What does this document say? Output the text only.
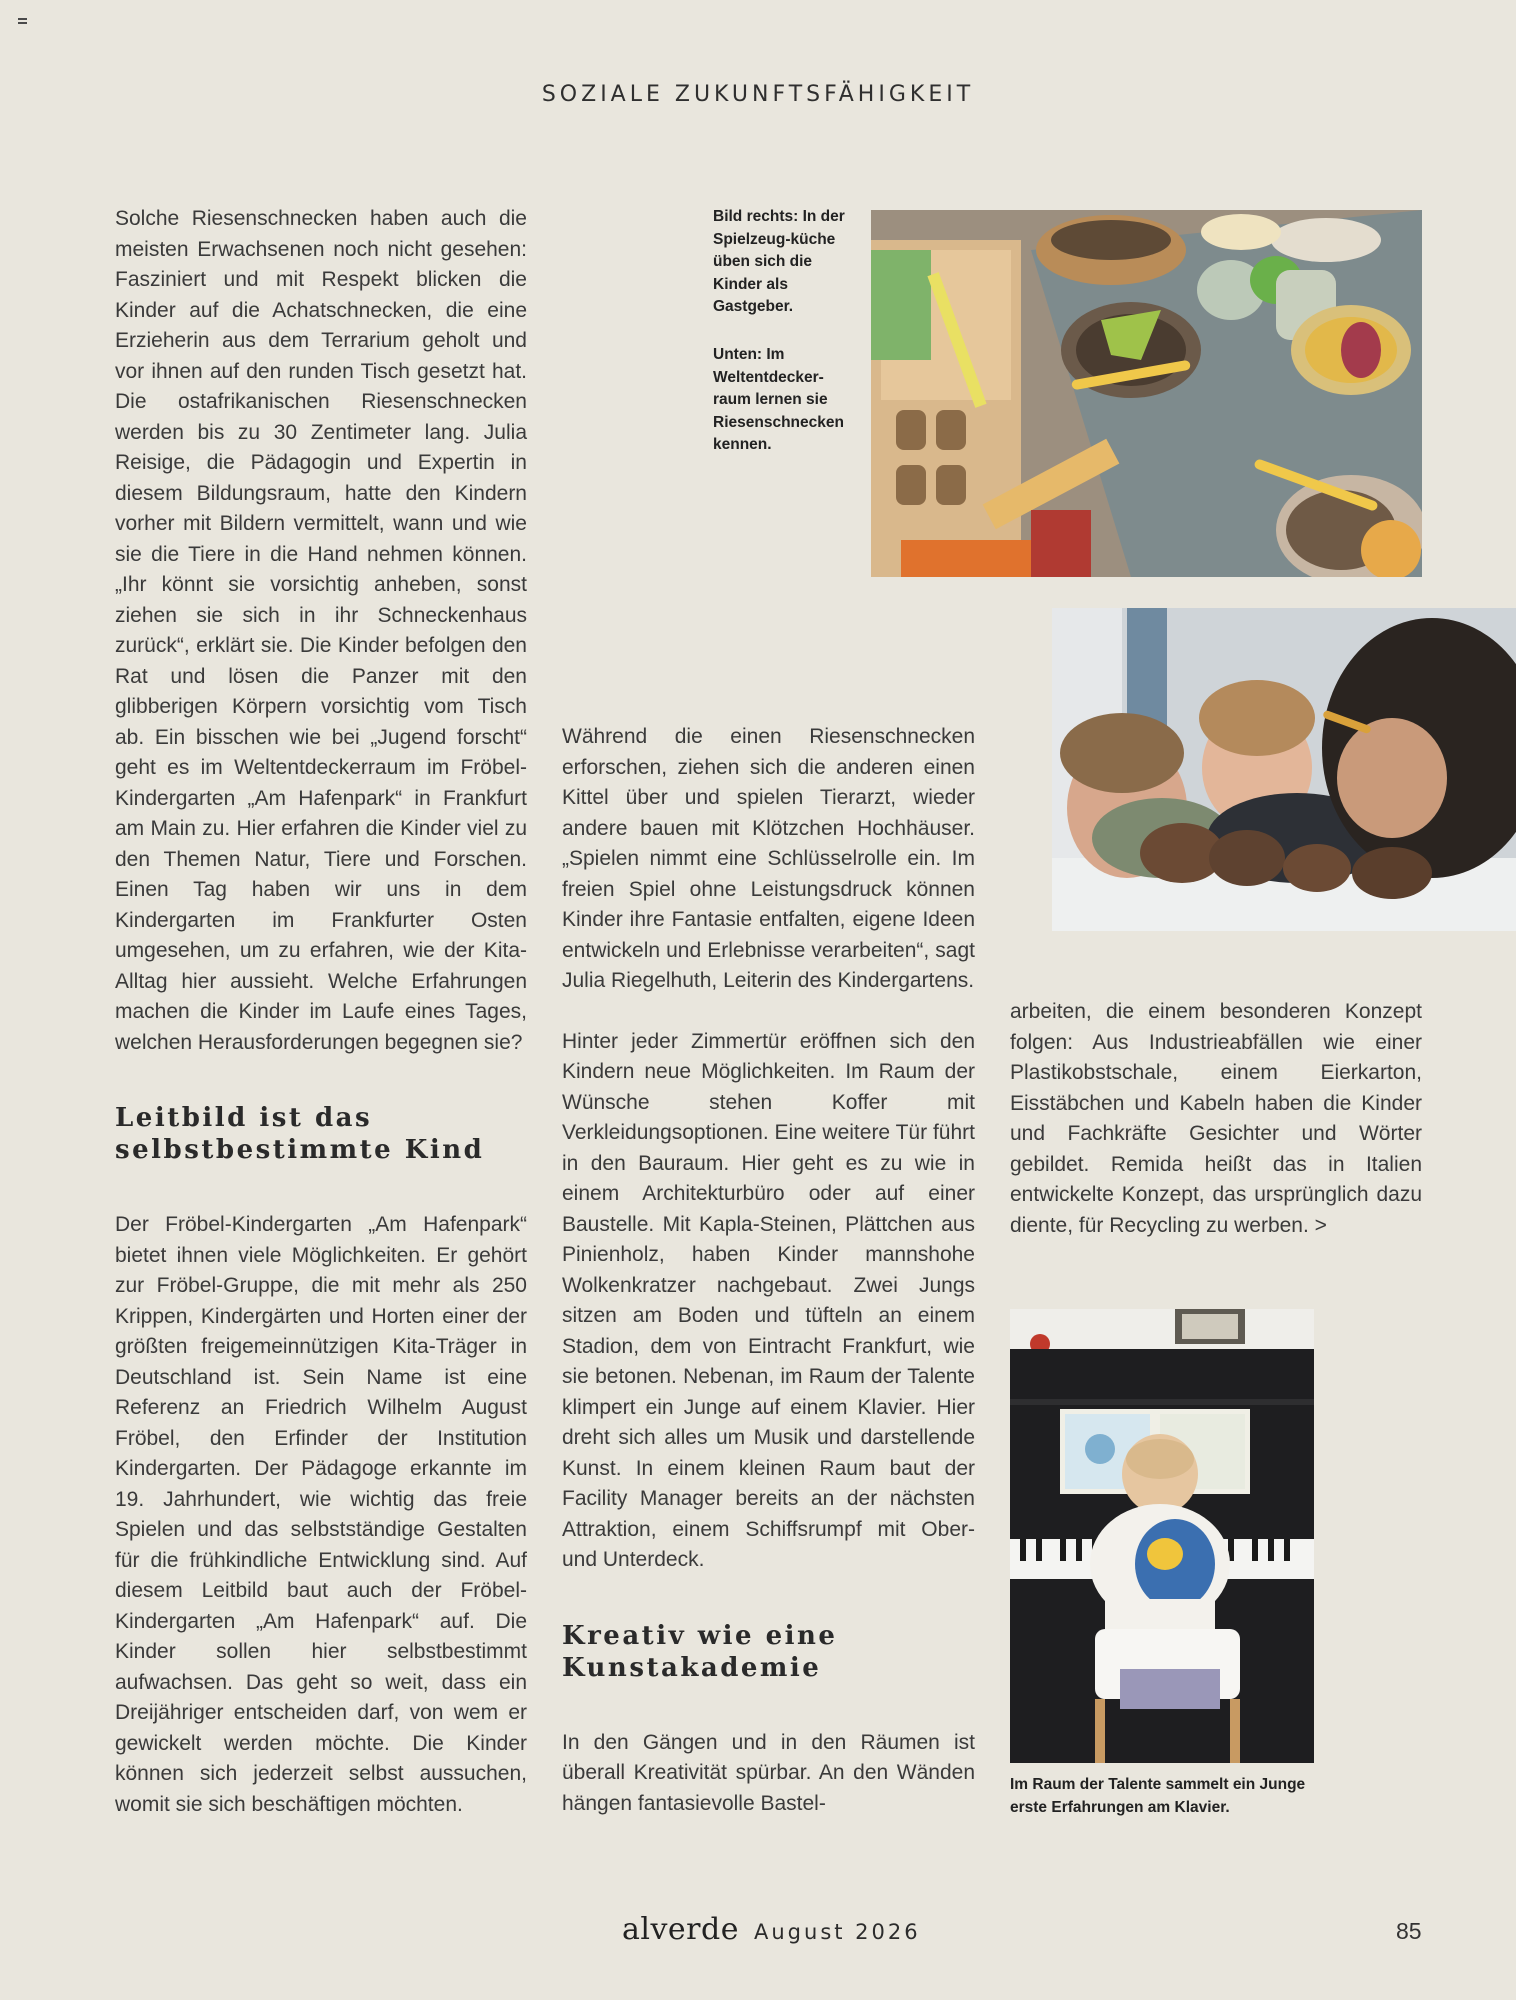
SOZIALE ZUKUNFTSFÄHIGKEIT

Solche Riesenschnecken haben auch die meisten Erwachsenen noch nicht gesehen: Fasziniert und mit Respekt blicken die Kinder auf die Achatschnecken, die eine Erzieherin aus dem Terrarium geholt und vor ihnen auf den runden Tisch gesetzt hat. Die ostafrikanischen Riesenschnecken werden bis zu 30 Zentimeter lang. Julia Reisige, die Pädagogin und Expertin in diesem Bildungsraum, hatte den Kindern vorher mit Bildern vermittelt, wann und wie sie die Tiere in die Hand nehmen können. „Ihr könnt sie vorsichtig anheben, sonst ziehen sie sich in ihr Schneckenhaus zurück“, erklärt sie. Die Kinder befolgen den Rat und lösen die Panzer mit den glibberigen Körpern vorsichtig vom Tisch ab. Ein bisschen wie bei „Jugend forscht“ geht es im Weltentdeckerraum im Fröbel-Kindergarten „Am Hafenpark“ in Frankfurt am Main zu. Hier erfahren die Kinder viel zu den Themen Natur, Tiere und Forschen. Einen Tag haben wir uns in dem Kindergarten im Frankfurter Osten umgesehen, um zu erfahren, wie der Kita-Alltag hier aussieht. Welche Erfahrungen machen die Kinder im Laufe eines Tages, welchen Herausforderungen begegnen sie?

Leitbild ist das selbstbestimmte Kind

Der Fröbel-Kindergarten „Am Hafenpark“ bietet ihnen viele Möglichkeiten. Er gehört zur Fröbel-Gruppe, die mit mehr als 250 Krippen, Kindergärten und Horten einer der größten freigemeinnützigen Kita-Träger in Deutschland ist. Sein Name ist eine Referenz an Friedrich Wilhelm August Fröbel, den Erfinder der Institution Kindergarten. Der Pädagoge erkannte im 19. Jahrhundert, wie wichtig das freie Spielen und das selbstständige Gestalten für die frühkindliche Entwicklung sind. Auf diesem Leitbild baut auch der Fröbel-Kindergarten „Am Hafenpark“ auf. Die Kinder sollen hier selbstbestimmt aufwachsen. Das geht so weit, dass ein Dreijähriger entscheiden darf, von wem er gewickelt werden möchte. Die Kinder können sich jederzeit selbst aussuchen, womit sie sich beschäftigen möchten.

Bild rechts: In der Spielzeug-küche üben sich die Kinder als Gastgeber.
Unten: Im Weltentdecker-raum lernen sie Riesenschnecken kennen.

Während die einen Riesenschnecken erforschen, ziehen sich die anderen einen Kittel über und spielen Tierarzt, wieder andere bauen mit Klötzchen Hochhäuser. „Spielen nimmt eine Schlüsselrolle ein. Im freien Spiel ohne Leistungsdruck können Kinder ihre Fantasie entfalten, eigene Ideen entwickeln und Erlebnisse verarbeiten“, sagt Julia Riegelhuth, Leiterin des Kindergartens.

Hinter jeder Zimmertür eröffnen sich den Kindern neue Möglichkeiten. Im Raum der Wünsche stehen Koffer mit Verkleidungsoptionen. Eine weitere Tür führt in den Bauraum. Hier geht es zu wie in einem Architekturbüro oder auf einer Baustelle. Mit Kapla-Steinen, Plättchen aus Pinienholz, haben Kinder mannshohe Wolkenkratzer nachgebaut. Zwei Jungs sitzen am Boden und tüfteln an einem Stadion, dem von Eintracht Frankfurt, wie sie betonen. Nebenan, im Raum der Talente klimpert ein Junge auf einem Klavier. Hier dreht sich alles um Musik und darstellende Kunst. In einem kleinen Raum baut der Facility Manager bereits an der nächsten Attraktion, einem Schiffsrumpf mit Ober- und Unterdeck.

Kreativ wie eine Kunstakademie

In den Gängen und in den Räumen ist überall Kreativität spürbar. An den Wänden hängen fantasievolle Bastel-

arbeiten, die einem besonderen Konzept folgen: Aus Industrieabfällen wie einer Plastikobstschale, einem Eierkarton, Eisstäbchen und Kabeln haben die Kinder und Fachkräfte Gesichter und Wörter gebildet. Remida heißt das in Italien entwickelte Konzept, das ursprünglich dazu diente, für Recycling zu werben. >

Im Raum der Talente sammelt ein Junge erste Erfahrungen am Klavier.
alverde August 2026	85
